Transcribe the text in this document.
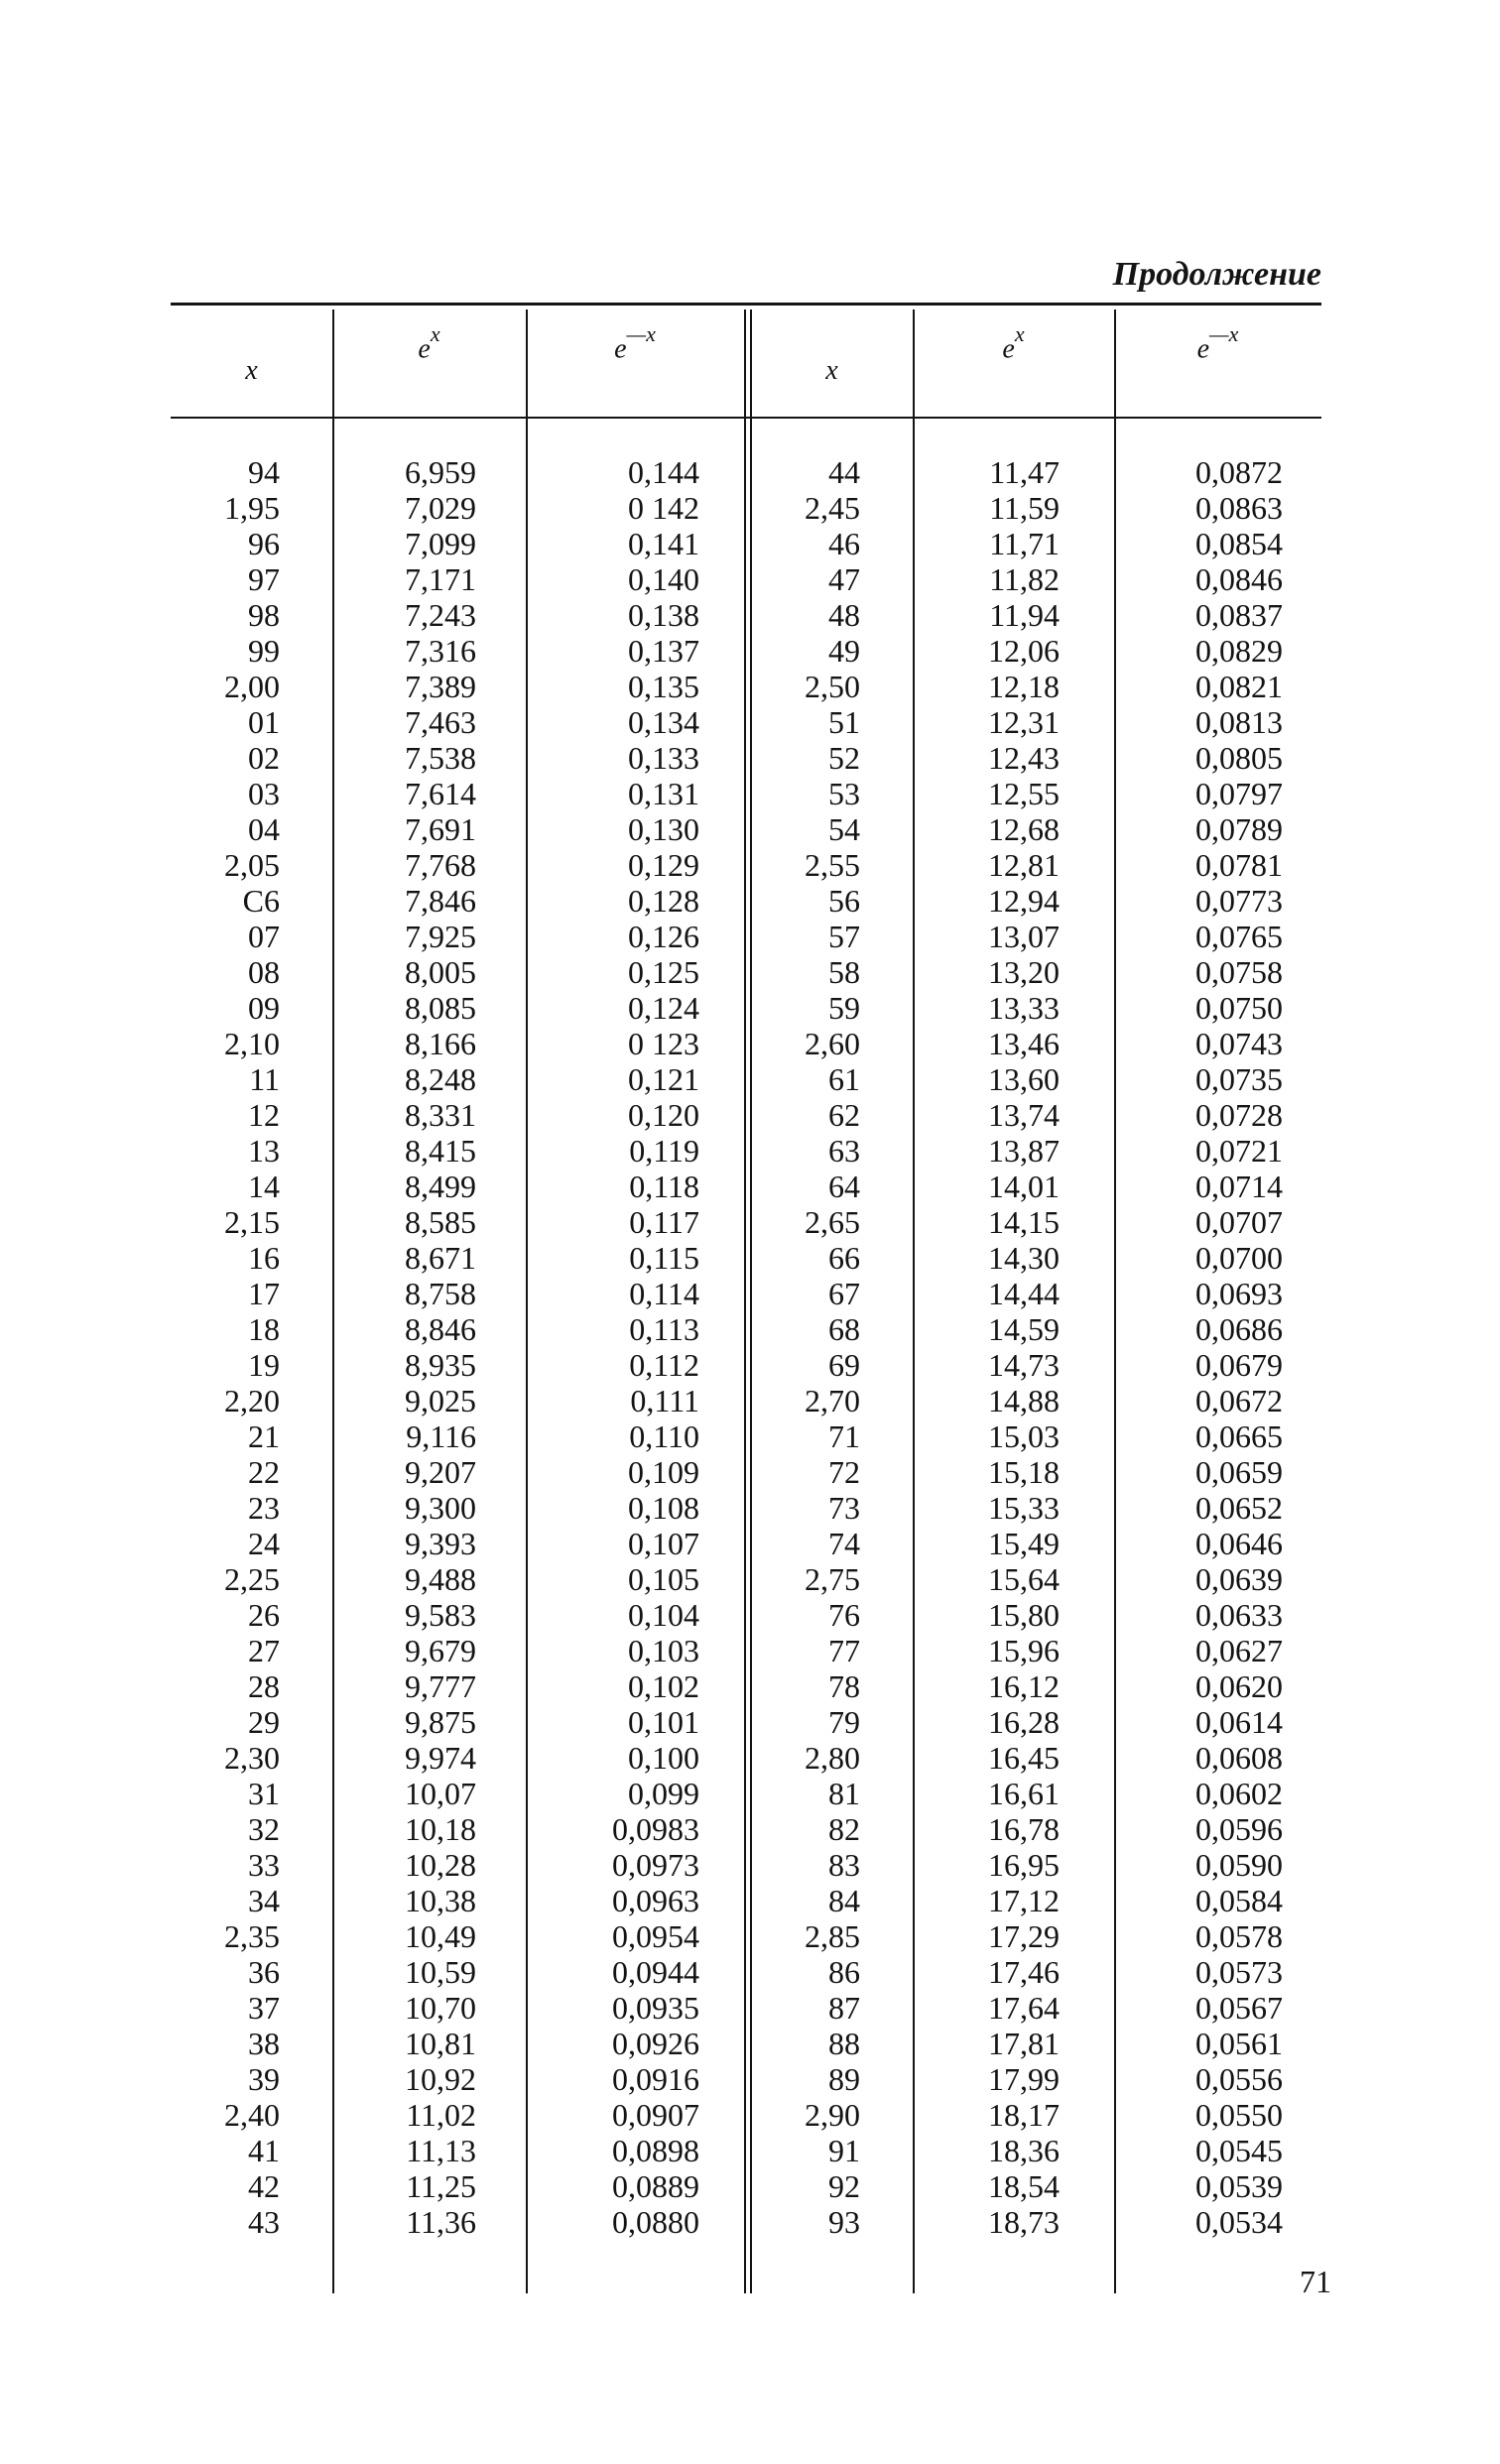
Продолжение
x
$e^x$	$e^{—x}$
x
$e^x$	$e^{—x}$
94
1,95
96
97
98
99
2,00
01
02
03
04
2,05
С6
07
08
09
2,10
11
12
13
14
2,15
16
17
18
19
2,20
21
22
23
24
2,25
26
27
28
29
2,30
31
32
33
34
2,35
36
37
38
39
2,40
41
42
43
6,959
7,029
7,099
7,171
7,243
7,316
7,389
7,463
7,538
7,614
7,691
7,768
7,846
7,925
8,005
8,085
8,166
8,248
8,331
8,415
8,499
8,585
8,671
8,758
8,846
8,935
9,025
9,116
9,207
9,300
9,393
9,488
9,583
9,679
9,777
9,875
9,974
10,07
10,18
10,28
10,38
10,49
10,59
10,70
10,81
10,92
11,02
11,13
11,25
11,36
0,144
0 142
0,141
0,140
0,138
0,137
0,135
0,134
0,133
0,131
0,130
0,129
0,128
0,126
0,125
0,124
0 123
0,121
0,120
0,119
0,118
0,117
0,115
0,114
0,113
0,112
0,111
0,110
0,109
0,108
0,107
0,105
0,104
0,103
0,102
0,101
0,100
0,099
0,0983
0,0973
0,0963
0,0954
0,0944
0,0935
0,0926
0,0916
0,0907
0,0898
0,0889
0,0880
44
2,45
46
47
48
49
2,50
51
52
53
54
2,55
56
57
58
59
2,60
61
62
63
64
2,65
66
67
68
69
2,70
71
72
73
74
2,75
76
77
78
79
2,80
81
82
83
84
2,85
86
87
88
89
2,90
91
92
93
11,47
11,59
11,71
11,82
11,94
12,06
12,18
12,31
12,43
12,55
12,68
12,81
12,94
13,07
13,20
13,33
13,46
13,60
13,74
13,87
14,01
14,15
14,30
14,44
14,59
14,73
14,88
15,03
15,18
15,33
15,49
15,64
15,80
15,96
16,12
16,28
16,45
16,61
16,78
16,95
17,12
17,29
17,46
17,64
17,81
17,99
18,17
18,36
18,54
18,73
0,0872
0,0863
0,0854
0,0846
0,0837
0,0829
0,0821
0,0813
0,0805
0,0797
0,0789
0,0781
0,0773
0,0765
0,0758
0,0750
0,0743
0,0735
0,0728
0,0721
0,0714
0,0707
0,0700
0,0693
0,0686
0,0679
0,0672
0,0665
0,0659
0,0652
0,0646
0,0639
0,0633
0,0627
0,0620
0,0614
0,0608
0,0602
0,0596
0,0590
0,0584
0,0578
0,0573
0,0567
0,0561
0,0556
0,0550
0,0545
0,0539
0,0534
71
